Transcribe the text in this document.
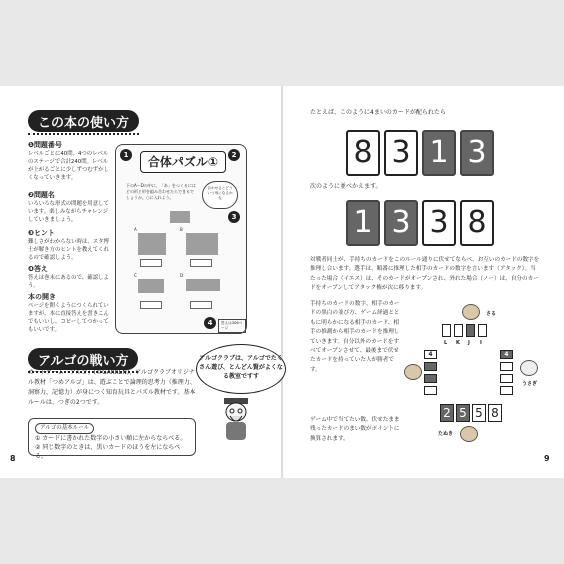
この本の使い方
❶問題番号
レベルごとに40問。4つのレベルのステージで合計240問。レベルが上がるごとに少しずつむずかしくなっていきます。
❷問題名
いろいろな形式の問題を用意しています。楽しみながらチャレンジしていきましょう。
❸ヒント
難しさがわからない時は、スタ博士が解き方のヒントを教えてくれるので確認しよう。
❹答え
答えは巻末にあるので、確認しよう。
本の開き
ページを開くようにつくられていますが、本に直接答えを書きこんでもいいし、コピーしてつかってもいいです。
1	合体パズル①	2
下のA〜Dの中に、「あ」をつくるにはどの形と形を組み合わせたらできるでしょうか。○に入れよう。
合わせるとどういう形になるかな
3
A	B
C	D
4	答えは306ページ
アルゴの戦い方	アルゴクラブは、アルゴでたくさん遊び、とんどん賢がよくなる教室ですす
カードゲーム「アルゴ」(©GAKKEN)、アルゴクラブオリジナル教材「つめアルゴ」は、遊ぶことで論理的思考力（推理力、洞察力、記憶力）が身につく知育玩具とパズル教材です。基本ルールは、つぎの2つです。
アルゴの基本ルール
① カードに書かれた数字の小さい順に左からならべる。
② 同じ数字のときは、黒いカードのほうを左にならべる。
8
たとえば、このように4まいのカードが配られたら
8 3 1 3
次のように並べかえます。
1 3 3 8
対戦者同士が、手持ちのカードをこのルール通りに伏せてならべ、お互いのカードの数字を推理し合います。選手は、順番に推理した相手のカードの数字を言います（アタック）。当たった場合（イエス）は、そのカードがオープンされ、外れた場合（ノー）は、自分のカードをオープンしてアタック権が次に移ります。
手持ちのカードの数字、相手のカードの黒白の並び方、ゲーム経過とともに明らかになる相手のカード、相手の推測から相手のカードを推理していきます。自分以外のカードをすべてオープンさせて、最後まで伏せたカードを持っていた人が勝者です。
ゲーム中で当てたい数、伏せたまま残ったカードのまい数がポイントに換算されます。
さる
L K J I
4	4
うさぎ
2 5 5 8
たぬき
9
